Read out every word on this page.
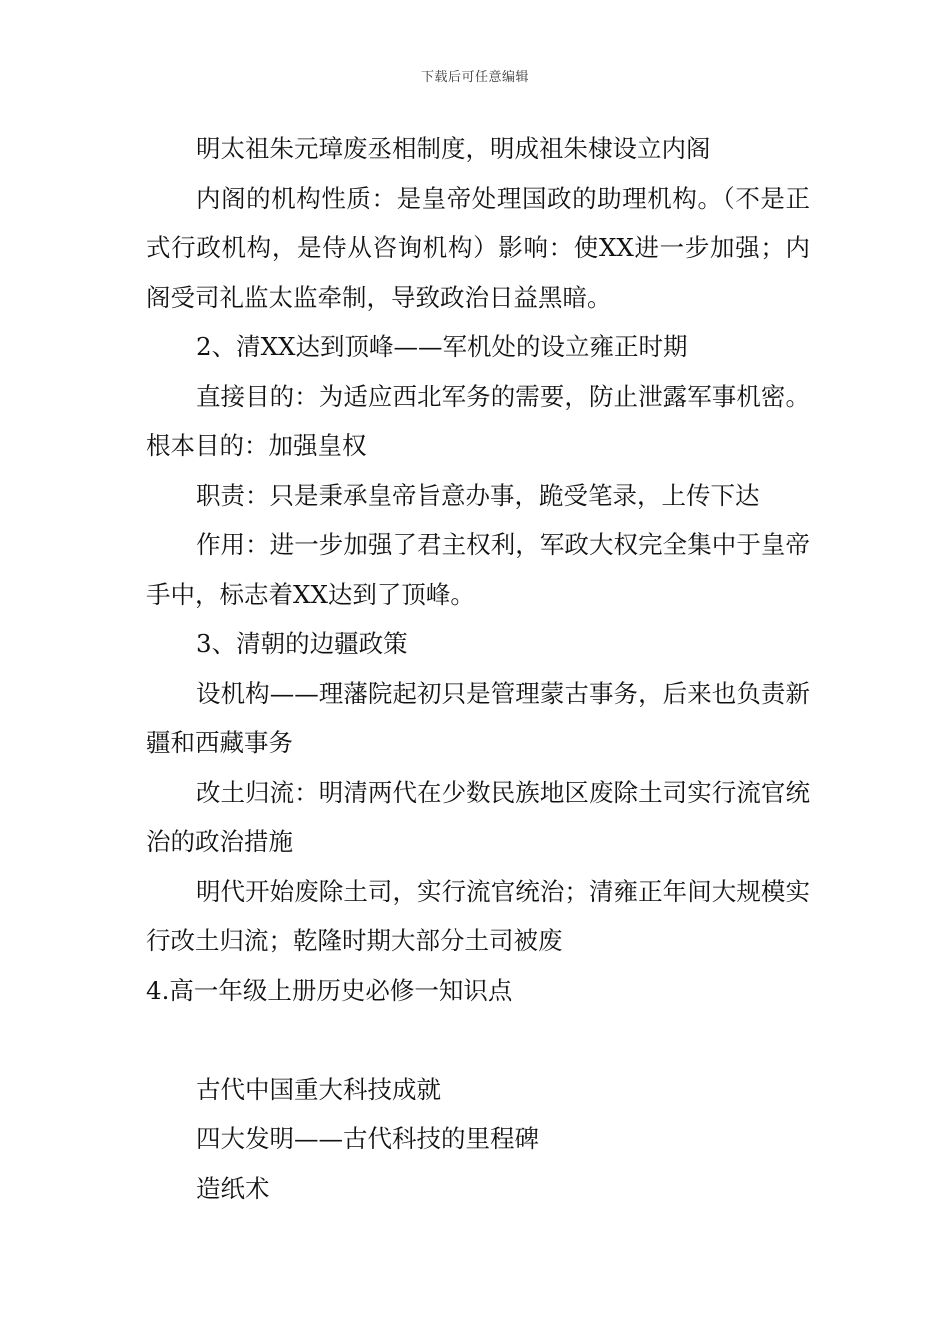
下载后可任意编辑

明太祖朱元璋废丞相制度，明成祖朱棣设立内阁

内阁的机构性质：是皇帝处理国政的助理机构。（不是正式行政机构，是侍从咨询机构）影响：使XX进一步加强；内阁受司礼监太监牵制，导致政治日益黑暗。

2、清XX达到顶峰——军机处的设立雍正时期

直接目的：为适应西北军务的需要，防止泄露军事机密。根本目的：加强皇权

职责：只是秉承皇帝旨意办事，跪受笔录，上传下达

作用：进一步加强了君主权利，军政大权完全集中于皇帝手中，标志着XX达到了顶峰。

3、清朝的边疆政策

设机构——理藩院起初只是管理蒙古事务，后来也负责新疆和西藏事务

改土归流：明清两代在少数民族地区废除土司实行流官统治的政治措施

明代开始废除土司，实行流官统治；清雍正年间大规模实行改土归流；乾隆时期大部分土司被废

4.高一年级上册历史必修一知识点

古代中国重大科技成就

四大发明——古代科技的里程碑

造纸术
